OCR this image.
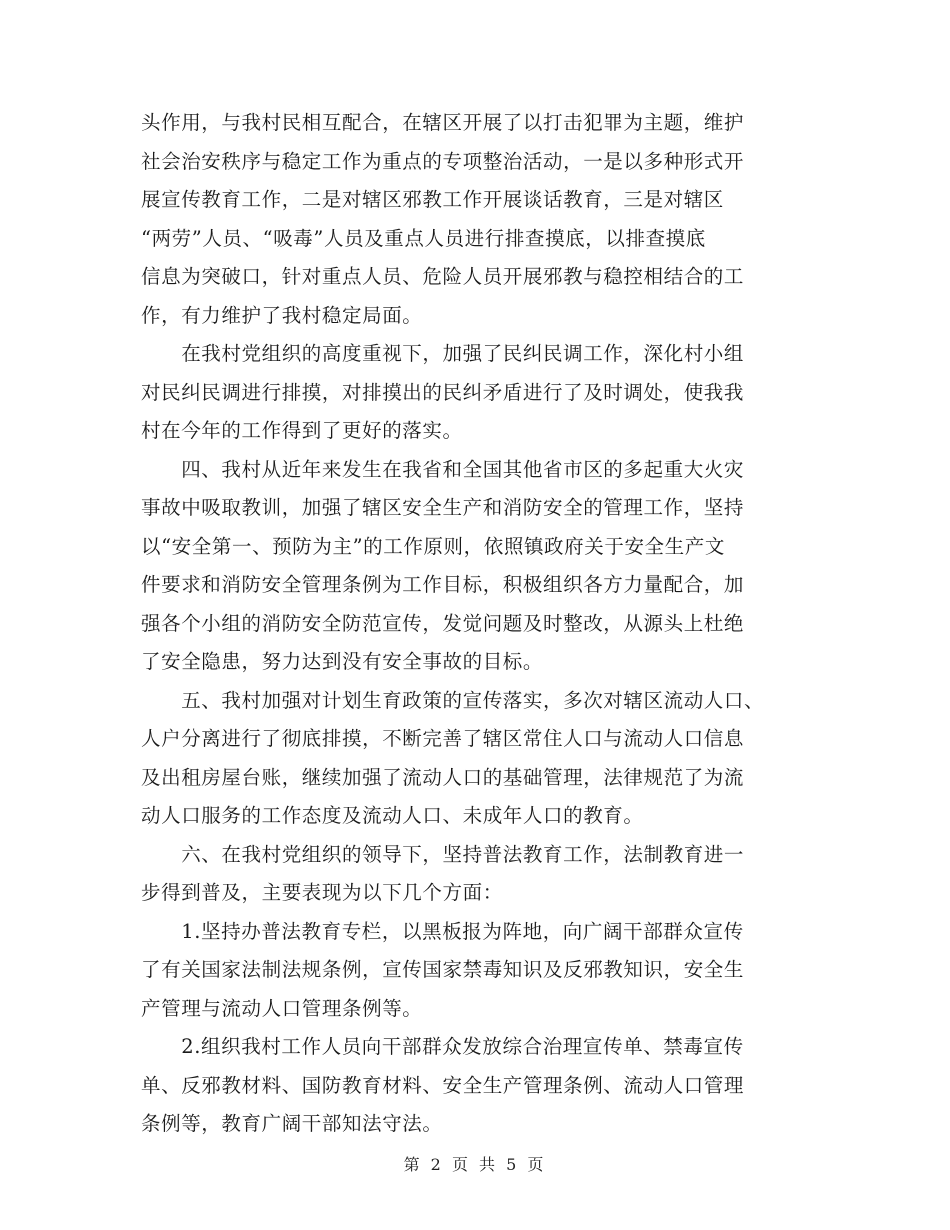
头作用，与我村民相互配合，在辖区开展了以打击犯罪为主题，维护
社会治安秩序与稳定工作为重点的专项整治活动，一是以多种形式开
展宣传教育工作，二是对辖区邪教工作开展谈话教育，三是对辖区
“两劳”人员、“吸毒”人员及重点人员进行排查摸底，以排查摸底
信息为突破口，针对重点人员、危险人员开展邪教与稳控相结合的工
作，有力维护了我村稳定局面。

　　在我村党组织的高度重视下，加强了民纠民调工作，深化村小组
对民纠民调进行排摸，对排摸出的民纠矛盾进行了及时调处，使我我
村在今年的工作得到了更好的落实。

　　四、我村从近年来发生在我省和全国其他省市区的多起重大火灾
事故中吸取教训，加强了辖区安全生产和消防安全的管理工作，坚持
以“安全第一、预防为主”的工作原则，依照镇政府关于安全生产文
件要求和消防安全管理条例为工作目标，积极组织各方力量配合，加
强各个小组的消防安全防范宣传，发觉问题及时整改，从源头上杜绝
了安全隐患，努力达到没有安全事故的目标。

　　五、我村加强对计划生育政策的宣传落实，多次对辖区流动人口、
人户分离进行了彻底排摸，不断完善了辖区常住人口与流动人口信息
及出租房屋台账，继续加强了流动人口的基础管理，法律规范了为流
动人口服务的工作态度及流动人口、未成年人口的教育。

　　六、在我村党组织的领导下，坚持普法教育工作，法制教育进一
步得到普及，主要表现为以下几个方面：

　　1.坚持办普法教育专栏，以黑板报为阵地，向广阔干部群众宣传
了有关国家法制法规条例，宣传国家禁毒知识及反邪教知识，安全生
产管理与流动人口管理条例等。

　　2.组织我村工作人员向干部群众发放综合治理宣传单、禁毒宣传
单、反邪教材料、国防教育材料、安全生产管理条例、流动人口管理
条例等，教育广阔干部知法守法。

第 2 页 共 5 页
